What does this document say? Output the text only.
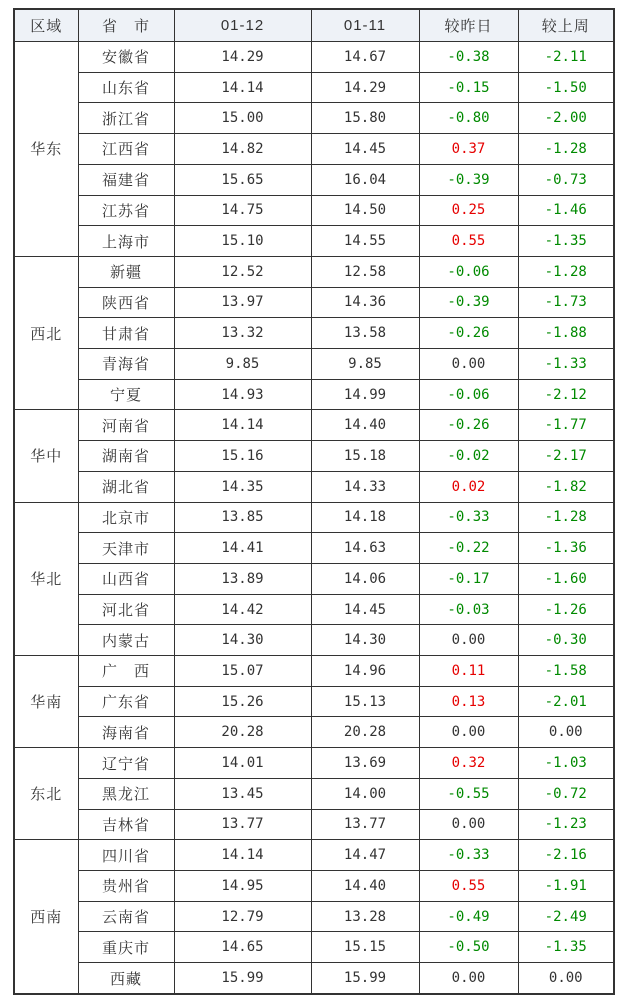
区域	省　市	01-12	01-11	较昨日	较上周
华东	安徽省	14.29	14.67	-0.38	-2.11
	山东省	14.14	14.29	-0.15	-1.50
	浙江省	15.00	15.80	-0.80	-2.00
	江西省	14.82	14.45	0.37	-1.28
	福建省	15.65	16.04	-0.39	-0.73
	江苏省	14.75	14.50	0.25	-1.46
	上海市	15.10	14.55	0.55	-1.35
西北	新疆	12.52	12.58	-0.06	-1.28
	陕西省	13.97	14.36	-0.39	-1.73
	甘肃省	13.32	13.58	-0.26	-1.88
	青海省	9.85	9.85	0.00	-1.33
	宁夏	14.93	14.99	-0.06	-2.12
华中	河南省	14.14	14.40	-0.26	-1.77
	湖南省	15.16	15.18	-0.02	-2.17
	湖北省	14.35	14.33	0.02	-1.82
华北	北京市	13.85	14.18	-0.33	-1.28
	天津市	14.41	14.63	-0.22	-1.36
	山西省	13.89	14.06	-0.17	-1.60
	河北省	14.42	14.45	-0.03	-1.26
	内蒙古	14.30	14.30	0.00	-0.30
华南	广　西	15.07	14.96	0.11	-1.58
	广东省	15.26	15.13	0.13	-2.01
	海南省	20.28	20.28	0.00	0.00
东北	辽宁省	14.01	13.69	0.32	-1.03
	黑龙江	13.45	14.00	-0.55	-0.72
	吉林省	13.77	13.77	0.00	-1.23
西南	四川省	14.14	14.47	-0.33	-2.16
	贵州省	14.95	14.40	0.55	-1.91
	云南省	12.79	13.28	-0.49	-2.49
	重庆市	14.65	15.15	-0.50	-1.35
	西藏	15.99	15.99	0.00	0.00
